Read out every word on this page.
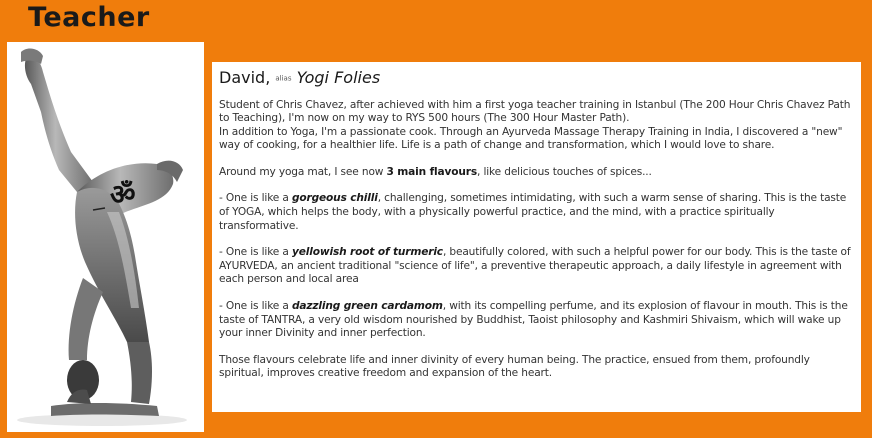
Teacher
ॐ
David, alias Yogi Folies

Student of Chris Chavez, after achieved with him a first yoga teacher training in Istanbul (The 200 Hour Chris Chavez Path to Teaching), I'm now on my way to RYS 500 hours (The 300 Hour Master Path).
In addition to Yoga, I'm a passionate cook. Through an Ayurveda Massage Therapy Training in India, I discovered a "new" way of cooking, for a healthier life. Life is a path of change and transformation, which I would love to share.

Around my yoga mat, I see now 3 main flavours, like delicious touches of spices...

- One is like a gorgeous chilli, challenging, sometimes intimidating, with such a warm sense of sharing. This is the taste of YOGA, which helps the body, with a physically powerful practice, and the mind, with a practice spiritually transformative.

- One is like a yellowish root of turmeric, beautifully colored, with such a helpful power for our body. This is the taste of AYURVEDA, an ancient traditional "science of life", a preventive therapeutic approach, a daily lifestyle in agreement with each person and local area

- One is like a dazzling green cardamom, with its compelling perfume, and its explosion of flavour in mouth. This is the taste of TANTRA, a very old wisdom nourished by Buddhist, Taoist philosophy and Kashmiri Shivaism, which will wake up your inner Divinity and inner perfection.

Those flavours celebrate life and inner divinity of every human being. The practice, ensued from them, profoundly spiritual, improves creative freedom and expansion of the heart.
